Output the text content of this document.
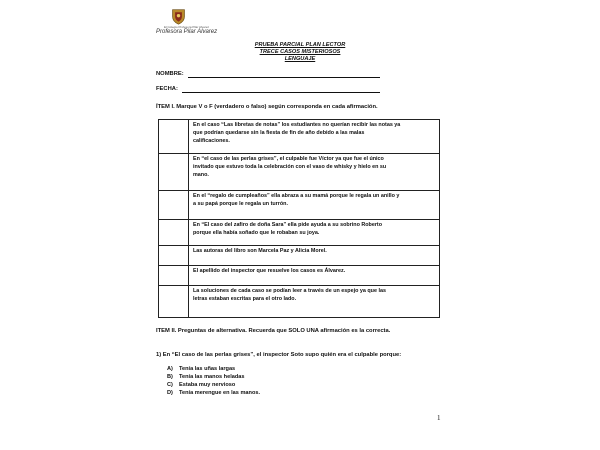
El Colegio Profesora Pilar Alvarez
Profesora Pilar Alvarez
PRUEBA PARCIAL PLAN LECTOR
TRECE CASOS MISTERIOSOS
LENGUAJE
NOMBRE:
FECHA:
ÍTEM I. Marque V o F (verdadero o falso) según corresponda en cada afirmación.

	En el caso “Las libretas de notas” los estudiantes no querían recibir las notas ya
que podrían quedarse sin la fiesta de fin de año debido a las malas
calificaciones.

	En “el caso de las perlas grises”, el culpable fue Víctor ya que fue el único
invitado que estuvo toda la celebración con el vaso de whisky y hielo en su
mano.

	En el “regalo de cumpleaños” ella abraza a su mamá porque le regala un anillo y
a su papá porque le regala un turrón.

	En “El caso del zafiro de doña Sara” ella pide ayuda a su sobrino Roberto
porque ella había soñado que le robaban su joya.

	Las autoras del libro son Marcela Paz y Alicia Morel.

	El apellido del inspector que resuelve los casos es Álvarez.

	La soluciones de cada caso se podían leer a través de un espejo ya que las
letras estaban escritas para el otro lado.
ITEM II. Preguntas de alternativa. Recuerda que SOLO UNA afirmación es la correcta.
1) En “El caso de las perlas grises”, el inspector Soto supo quién era el culpable porque:
A) Tenía las uñas largas
B) Tenía las manos heladas
C) Estaba muy nervioso
D) Tenía merengue en las manos.
1
